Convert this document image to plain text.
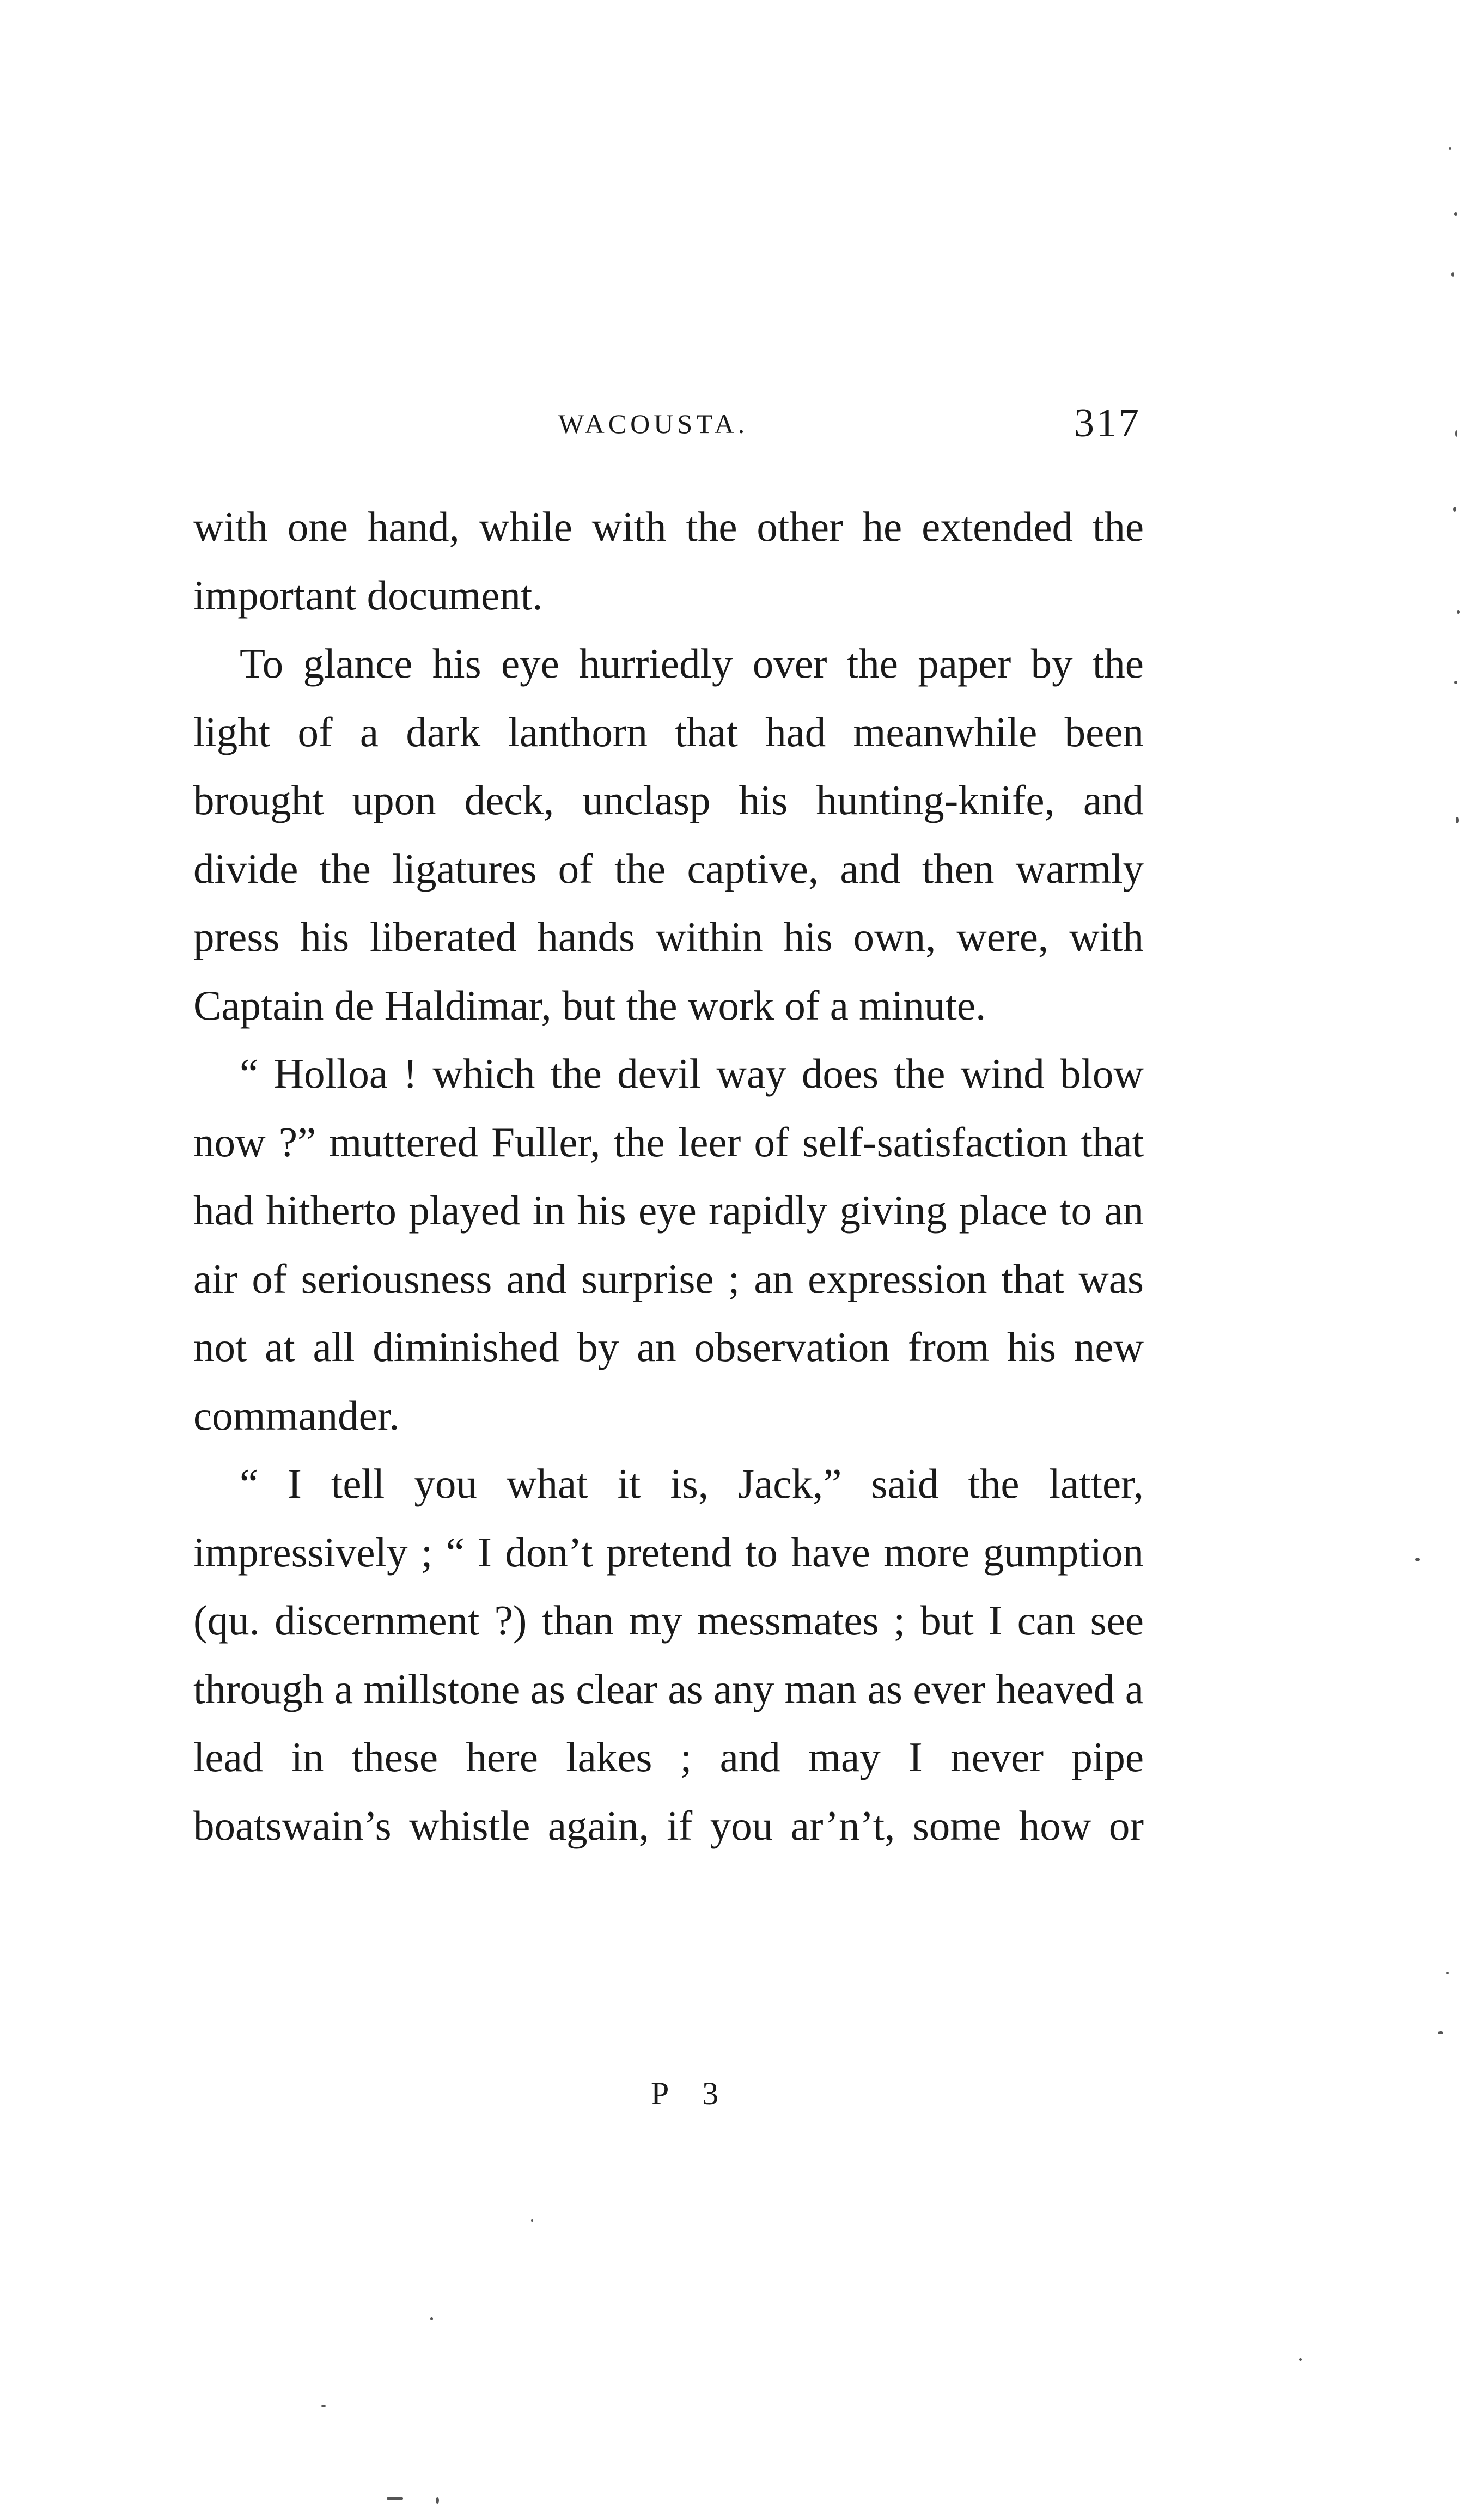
WACOUSTA.	317

with one hand, while with the other he extended the important document.

To glance his eye hurriedly over the paper by the light of a dark lanthorn that had meanwhile been brought upon deck, unclasp his hunting-knife, and divide the ligatures of the captive, and then warmly press his liberated hands within his own, were, with Captain de Haldimar, but the work of a minute.

“ Holloa ! which the devil way does the wind blow now ?” muttered Fuller, the leer of self-satisfaction that had hitherto played in his eye rapidly giving place to an air of seriousness and surprise ; an expression that was not at all diminished by an observation from his new commander.

“ I tell you what it is, Jack,” said the latter, impressively ; “ I don’t pretend to have more gumption (qu. discernment ?) than my messmates ; but I can see through a millstone as clear as any man as ever heaved a lead in these here lakes ; and may I never pipe boatswain’s whistle again, if you ar’n’t, some how or

P 3
